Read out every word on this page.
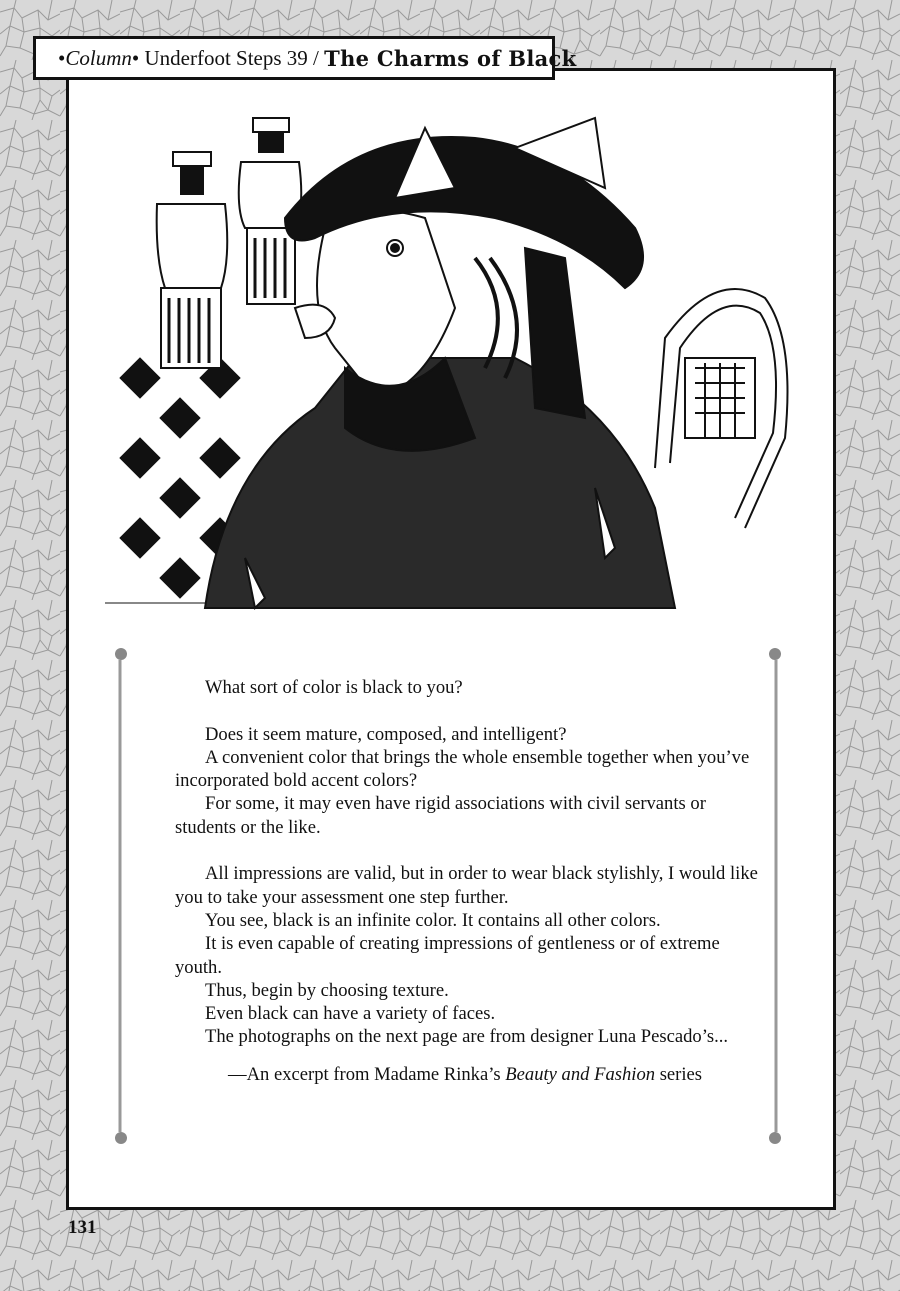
• Column • Underfoot Steps 39 /
The Charms of Black

What sort of color is black to you?

Does it seem mature, composed, and intelligent?

A convenient color that brings the whole ensemble together when you’ve incorporated bold accent colors?

For some, it may even have rigid associations with civil servants or students or the like.

All impressions are valid, but in order to wear black stylishly, I would like you to take your assessment one step further.

You see, black is an infinite color. It contains all other colors.

It is even capable of creating impressions of gentleness or of extreme youth.

Thus, begin by choosing texture.

Even black can have a variety of faces.

The photographs on the next page are from designer Luna Pescado’s...

—An excerpt from Madame Rinka’s Beauty and Fashion series

131
